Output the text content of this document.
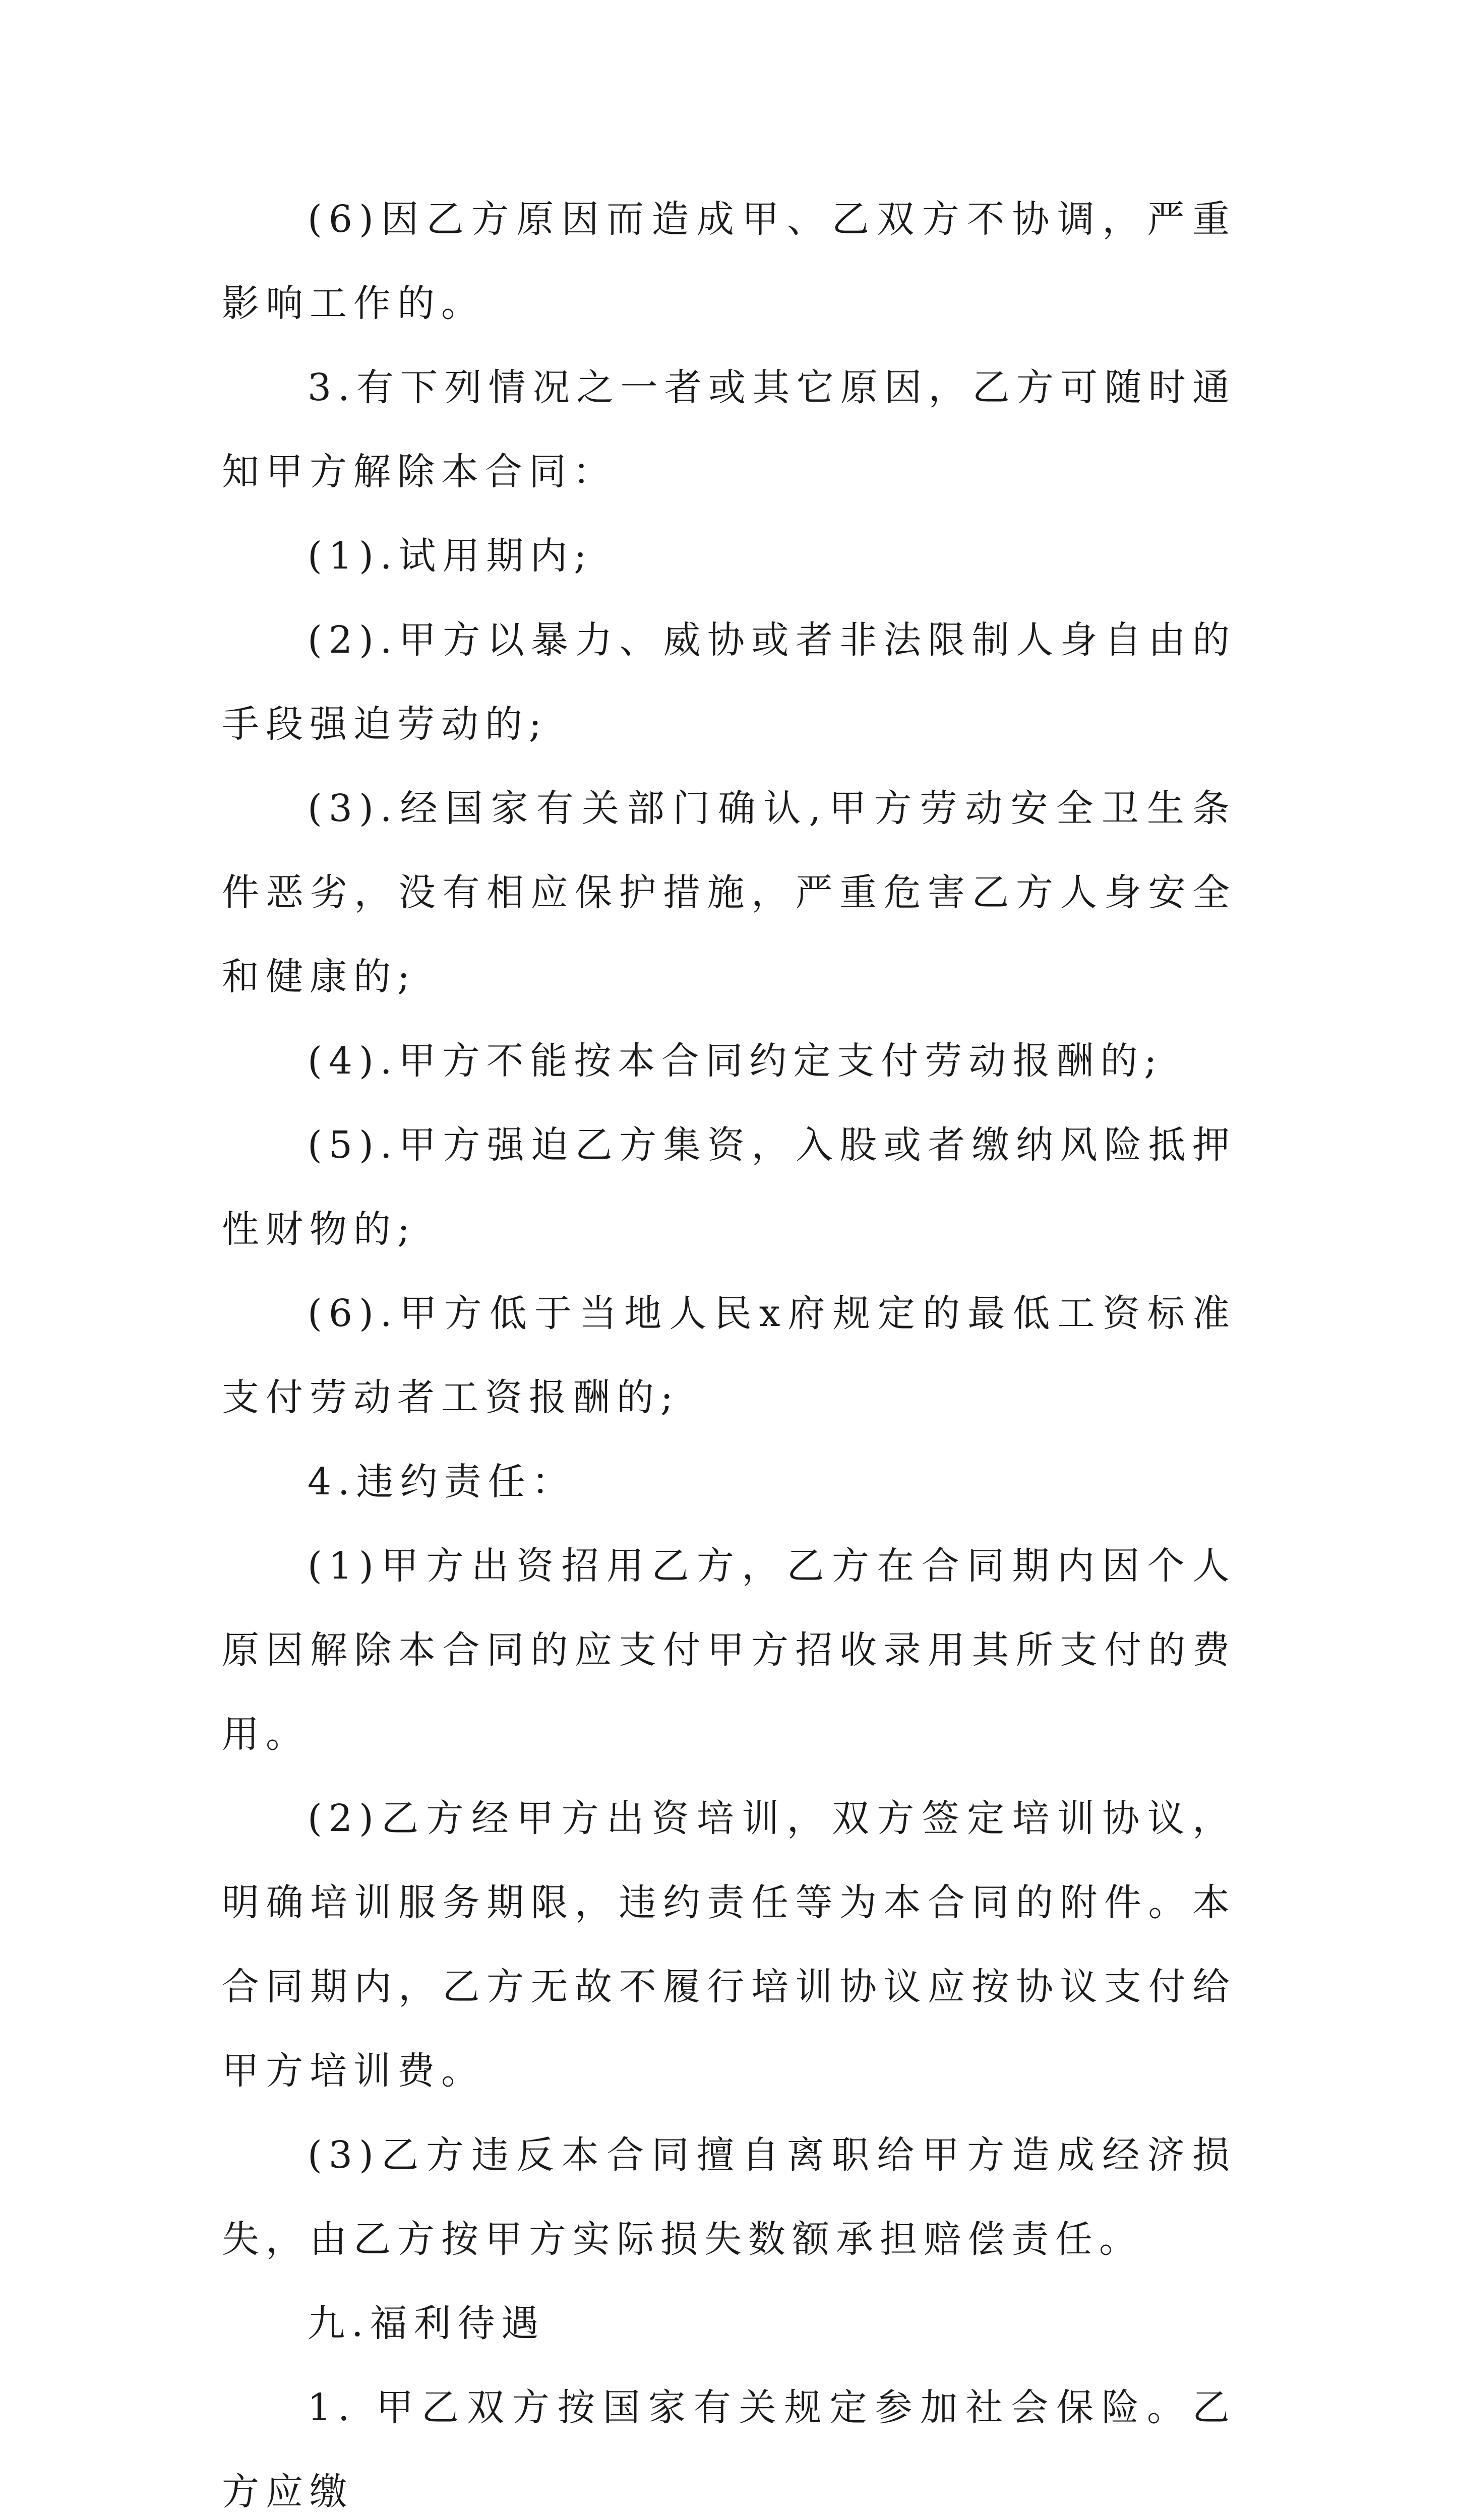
(6)因乙方原因而造成甲、乙双方不协调，严重影响工作的。

3.有下列情况之一者或其它原因，乙方可随时通知甲方解除本合同：

(1).试用期内;

(2).甲方以暴力、威协或者非法限制人身自由的手段强迫劳动的;

(3).经国家有关部门确认,甲方劳动安全卫生条件恶劣，没有相应保护措施，严重危害乙方人身安全和健康的;

(4).甲方不能按本合同约定支付劳动报酬的;

(5).甲方强迫乙方集资，入股或者缴纳风险抵押性财物的;

(6).甲方低于当地人民x府规定的最低工资标准支付劳动者工资报酬的;

4.违约责任：

(1)甲方出资招用乙方，乙方在合同期内因个人原因解除本合同的应支付甲方招收录用其所支付的费用。

(2)乙方经甲方出资培训，双方签定培训协议，明确培训服务期限，违约责任等为本合同的附件。本合同期内，乙方无故不履行培训协议应按协议支付给甲方培训费。

(3)乙方违反本合同擅自离职给甲方造成经济损失，由乙方按甲方实际损失数额承担赔偿责任。

九.福利待遇

1. 甲乙双方按国家有关规定参加社会保险。乙方应缴
